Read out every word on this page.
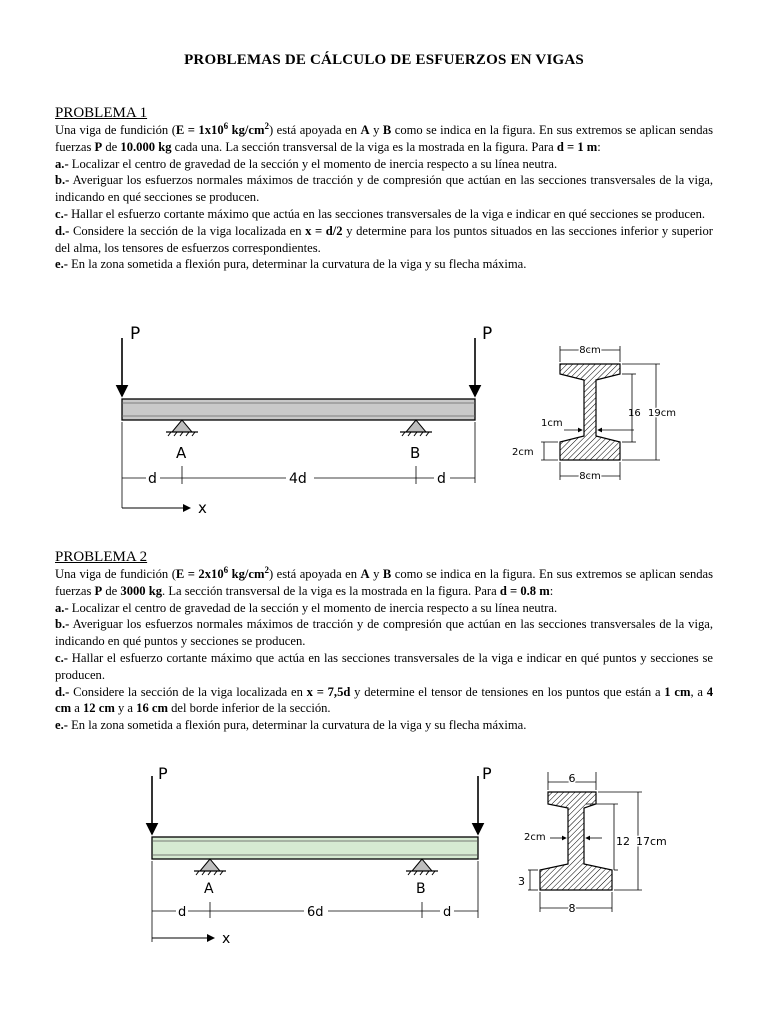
PROBLEMAS DE CÁLCULO DE ESFUERZOS EN VIGAS
PROBLEMA 1

Una viga de fundición ($E = 1x10^6$ $kg/cm^2$) está apoyada en A y B como se indica en la figura. En sus extremos se aplican sendas fuerzas P de 10.000 kg cada una. La sección transversal de la viga es la mostrada en la figura. Para d = 1 m:

a.- Localizar el centro de gravedad de la sección y el momento de inercia respecto a su línea neutra.

b.- Averiguar los esfuerzos normales máximos de tracción y de compresión que actúan en las secciones transversales de la viga, indicando en qué secciones se producen.

c.- Hallar el esfuerzo cortante máximo que actúa en las secciones transversales de la viga e indicar en qué secciones se producen.

d.- Considere la sección de la viga localizada en x = d/2 y determine para los puntos situados en las secciones inferior y superior del alma, los tensores de esfuerzos correspondientes.

e.- En la zona sometida a flexión pura, determinar la curvatura de la viga y su flecha máxima.

P	P
A	B
d	4d	d
x
8cm
8cm
1cm
2cm
16 19cm
PROBLEMA 2

Una viga de fundición ($E = 2x10^6$ $kg/cm^2$) está apoyada en A y B como se indica en la figura. En sus extremos se aplican sendas fuerzas P de 3000 kg. La sección transversal de la viga es la mostrada en la figura. Para d = 0.8 m:

a.- Localizar el centro de gravedad de la sección y el momento de inercia respecto a su línea neutra.

b.- Averiguar los esfuerzos normales máximos de tracción y de compresión que actúan en las secciones transversales de la viga, indicando en qué puntos y secciones se producen.

c.- Hallar el esfuerzo cortante máximo que actúa en las secciones transversales de la viga e indicar en qué puntos y secciones se producen.

d.- Considere la sección de la viga localizada en x = 7,5d y determine el tensor de tensiones en los puntos que están a 1 cm, a 4 cm a 12 cm y a 16 cm del borde inferior de la sección.

e.- En la zona sometida a flexión pura, determinar la curvatura de la viga y su flecha máxima.

P	P
A	B
d	6d	d
x
6
8
2cm
3
12 17cm
